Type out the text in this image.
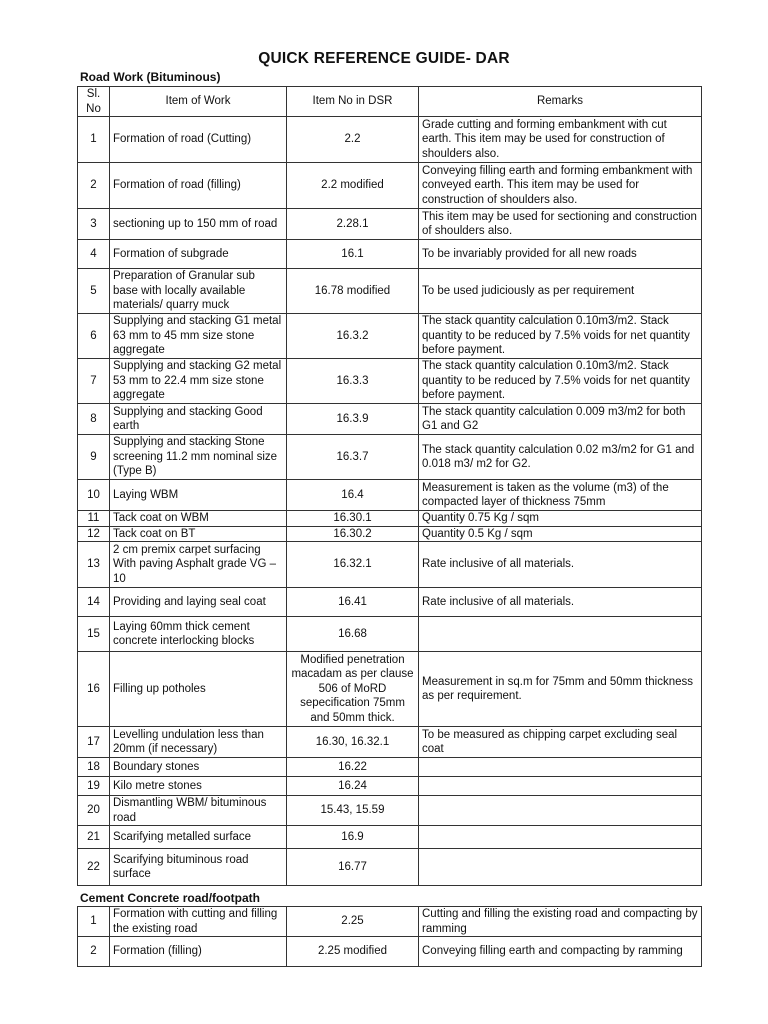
QUICK REFERENCE GUIDE- DAR
Road Work (Bituminous)
Sl. No	Item of Work	Item No in DSR	Remarks
1	Formation of road (Cutting)	2.2	Grade cutting and forming embankment with cut earth. This item may be used for construction of shoulders also.
2	Formation of road (filling)	2.2 modified	Conveying filling earth and forming embankment with conveyed earth. This item may be used for construction of shoulders also.
3	sectioning up to 150 mm of road	2.28.1	This item may be used for sectioning and construction of shoulders also.
4	Formation of subgrade	16.1	To be invariably provided for all new roads
5	Preparation of Granular sub base with locally available materials/ quarry muck	16.78 modified	To be used judiciously as per requirement
6	Supplying and stacking G1 metal 63 mm to 45 mm size stone aggregate	16.3.2	The stack quantity calculation 0.10m3/m2. Stack quantity to be reduced by 7.5% voids for net quantity before payment.
7	Supplying and stacking G2 metal 53 mm to 22.4 mm size stone aggregate	16.3.3	The stack quantity calculation 0.10m3/m2. Stack quantity to be reduced by 7.5% voids for net quantity before payment.
8	Supplying and stacking Good earth	16.3.9	The stack quantity calculation 0.009 m3/m2 for both G1 and G2
9	Supplying and stacking Stone screening 11.2 mm nominal size (Type B)	16.3.7	The stack quantity calculation 0.02 m3/m2 for G1 and 0.018 m3/ m2 for G2.
10	Laying WBM	16.4	Measurement is taken as the volume (m3) of the compacted layer of thickness 75mm
11	Tack coat on WBM	16.30.1	Quantity 0.75 Kg / sqm
12	Tack coat on BT	16.30.2	Quantity 0.5 Kg / sqm
13	2 cm premix carpet surfacing With paving Asphalt grade VG – 10	16.32.1	Rate inclusive of all materials.
14	Providing and laying seal coat	16.41	Rate inclusive of all materials.
15	Laying 60mm thick cement concrete interlocking blocks	16.68	
16	Filling up potholes	Modified penetration macadam as per clause 506 of MoRD sepecification 75mm and 50mm thick.	Measurement in sq.m for 75mm and 50mm thickness as per requirement.
17	Levelling undulation less than 20mm (if necessary)	16.30, 16.32.1	To be measured as chipping carpet excluding seal coat
18	Boundary stones	16.22	
19	Kilo metre stones	16.24	
20	Dismantling WBM/ bituminous road	15.43, 15.59	
21	Scarifying metalled surface	16.9	
22	Scarifying bituminous road surface	16.77	
Cement Concrete road/footpath
1	Formation with cutting and filling the existing road	2.25	Cutting and filling the existing road and compacting by ramming
2	Formation (filling)	2.25 modified	Conveying filling earth and compacting by ramming
